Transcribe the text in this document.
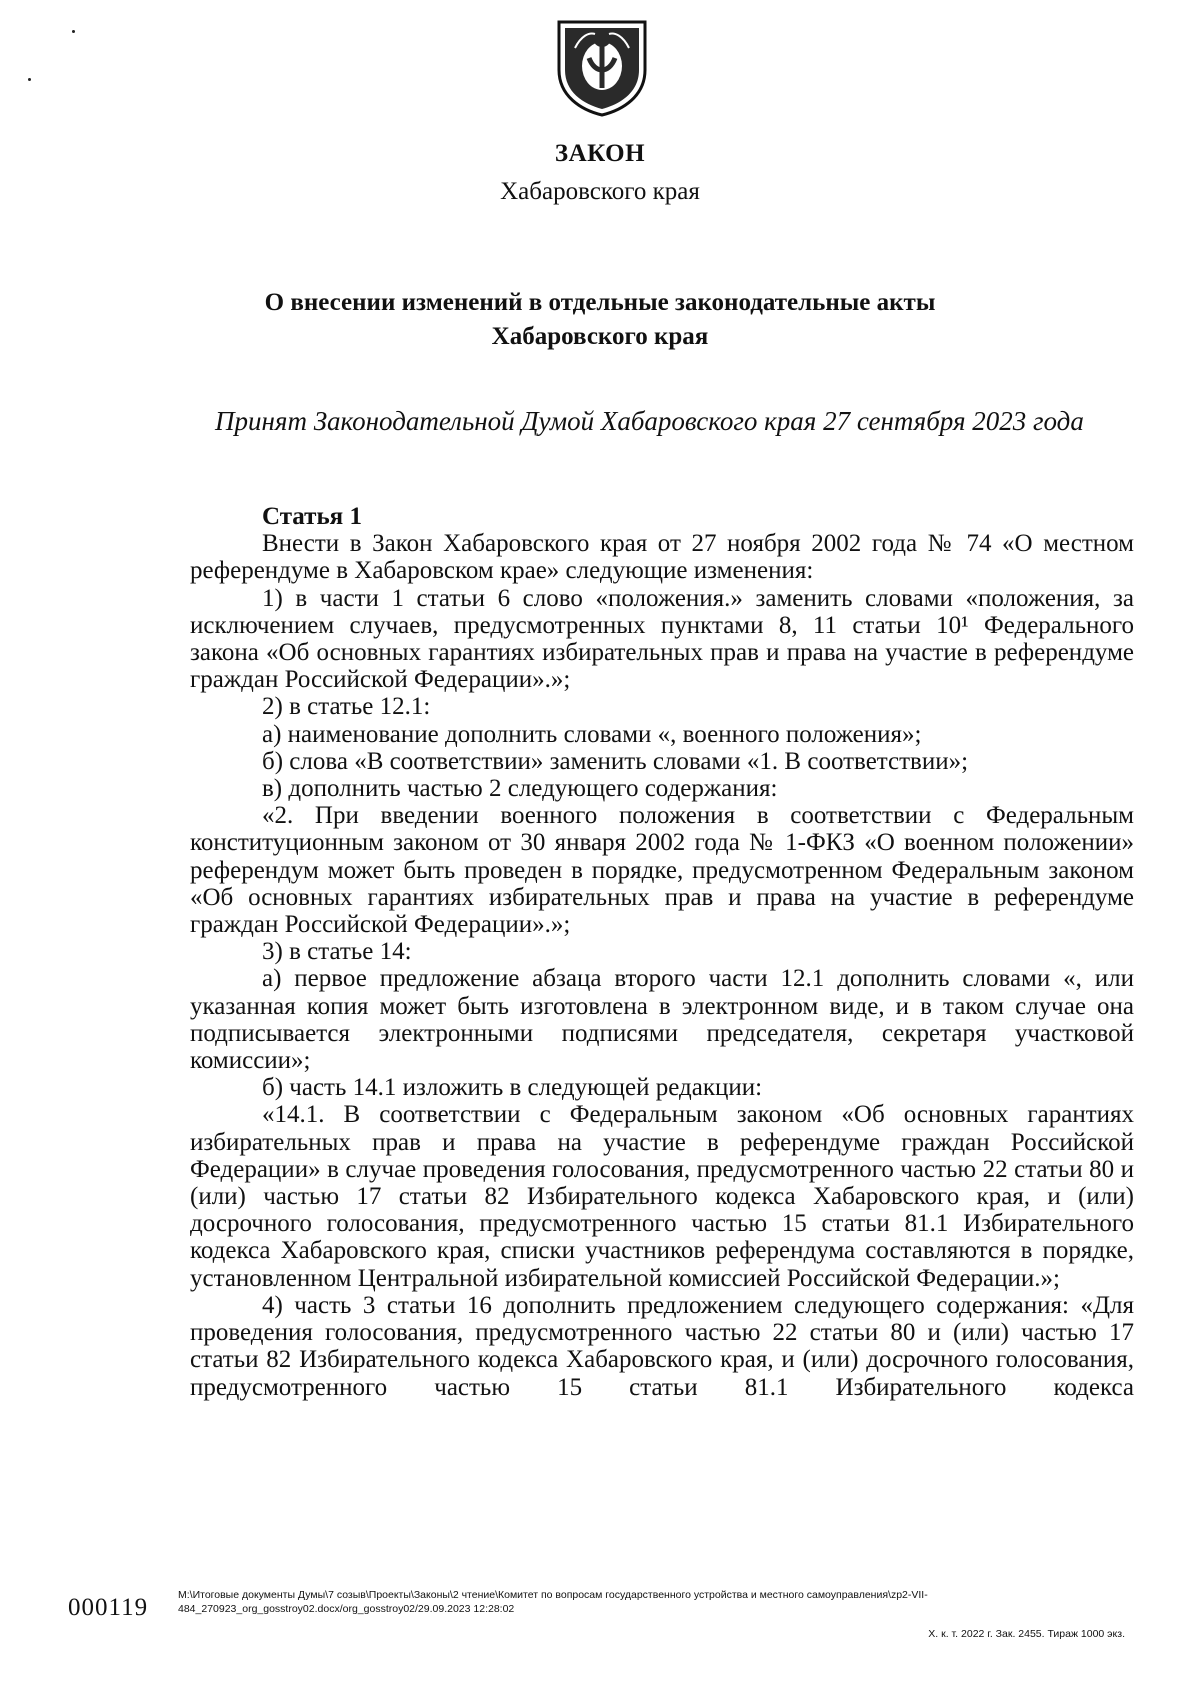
ЗАКОН
Хабаровского края
О внесении изменений в отдельные законодательные акты
Хабаровского края
Принят Законодательной Думой Хабаровского края 27 сентября 2023 года
Статья 1

Внести в Закон Хабаровского края от 27 ноября 2002 года № 74 «О местном референдуме в Хабаровском крае» следующие изменения:

1) в части 1 статьи 6 слово «положения.» заменить словами «положения, за исключением случаев, предусмотренных пунктами 8, 11 статьи 10¹ Федерального закона «Об основных гарантиях избирательных прав и права на участие в референдуме граждан Российской Федерации».»;

2) в статье 12.1:

а) наименование дополнить словами «, военного положения»;

б) слова «В соответствии» заменить словами «1. В соответствии»;

в) дополнить частью 2 следующего содержания:

«2. При введении военного положения в соответствии с Федеральным конституционным законом от 30 января 2002 года № 1-ФКЗ «О военном положении» референдум может быть проведен в порядке, предусмотренном Федеральным законом «Об основных гарантиях избирательных прав и права на участие в референдуме граждан Российской Федерации».»;

3) в статье 14:

а) первое предложение абзаца второго части 12.1 дополнить словами «, или указанная копия может быть изготовлена в электронном виде, и в таком случае она подписывается электронными подписями председателя, секретаря участковой комиссии»;

б) часть 14.1 изложить в следующей редакции:

«14.1. В соответствии с Федеральным законом «Об основных гарантиях избирательных прав и права на участие в референдуме граждан Российской Федерации» в случае проведения голосования, предусмотренного частью 22 статьи 80 и (или) частью 17 статьи 82 Избирательного кодекса Хабаровского края, и (или) досрочного голосования, предусмотренного частью 15 статьи 81.1 Избирательного кодекса Хабаровского края, списки участников референдума составляются в порядке, установленном Центральной избирательной комиссией Российской Федерации.»;

4) часть 3 статьи 16 дополнить предложением следующего содержания: «Для проведения голосования, предусмотренного частью 22 статьи 80 и (или) частью 17 статьи 82 Избирательного кодекса Хабаровского края, и (или) досрочного голосования, предусмотренного частью 15 статьи 81.1 Избирательного кодекса

000119	М:\Итоговые документы Думы\7 созыв\Проекты\Законы\2 чтение\Комитет по вопросам государственного устройства и местного самоуправления\zp2-VII-484_270923_org_gosstroy02.docx/org_gosstroy02/29.09.2023 12:28:02
Х. к. т. 2022 г. Зак. 2455. Тираж 1000 экз.
